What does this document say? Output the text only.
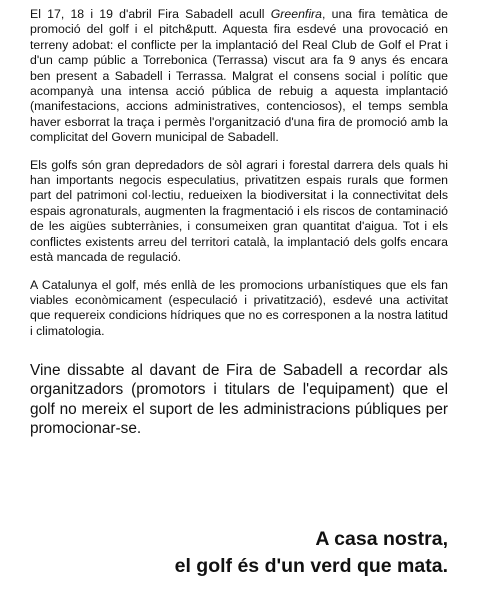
El 17, 18 i 19 d'abril Fira Sabadell acull Greenfira, una fira temàtica de promoció del golf i el pitch&putt. Aquesta fira esdevé una provocació en terreny adobat: el conflicte per la implantació del Real Club de Golf el Prat i d'un camp públic a Torrebonica (Terrassa) viscut ara fa 9 anys és encara ben present a Sabadell i Terrassa. Malgrat el consens social i polític que acompanyà una intensa acció pública de rebuig a aquesta implantació (manifestacions, accions administratives, contenciosos), el temps sembla haver esborrat la traça i permès l'organització d'una fira de promoció amb la complicitat del Govern municipal de Sabadell.

Els golfs són gran depredadors de sòl agrari i forestal darrera dels quals hi han importants negocis especulatius, privatitzen espais rurals que formen part del patrimoni col·lectiu, redueixen la biodiversitat i la connectivitat dels espais agronaturals, augmenten la fragmentació i els riscos de contaminació de les aigües subterrànies, i consumeixen gran quantitat d'aigua. Tot i els conflictes existents arreu del territori català, la implantació dels golfs encara està mancada de regulació.

A Catalunya el golf, més enllà de les promocions urbanístiques que els fan viables econòmicament (especulació i privatització), esdevé una activitat que requereix condicions hídriques que no es corresponen a la nostra latitud i climatologia.

Vine dissabte al davant de Fira de Sabadell a recordar als organitzadors (promotors i titulars de l'equipament) que el golf no mereix el suport de les administracions públiques per promocionar-se.

A casa nostra,
el golf és d'un verd que mata.
